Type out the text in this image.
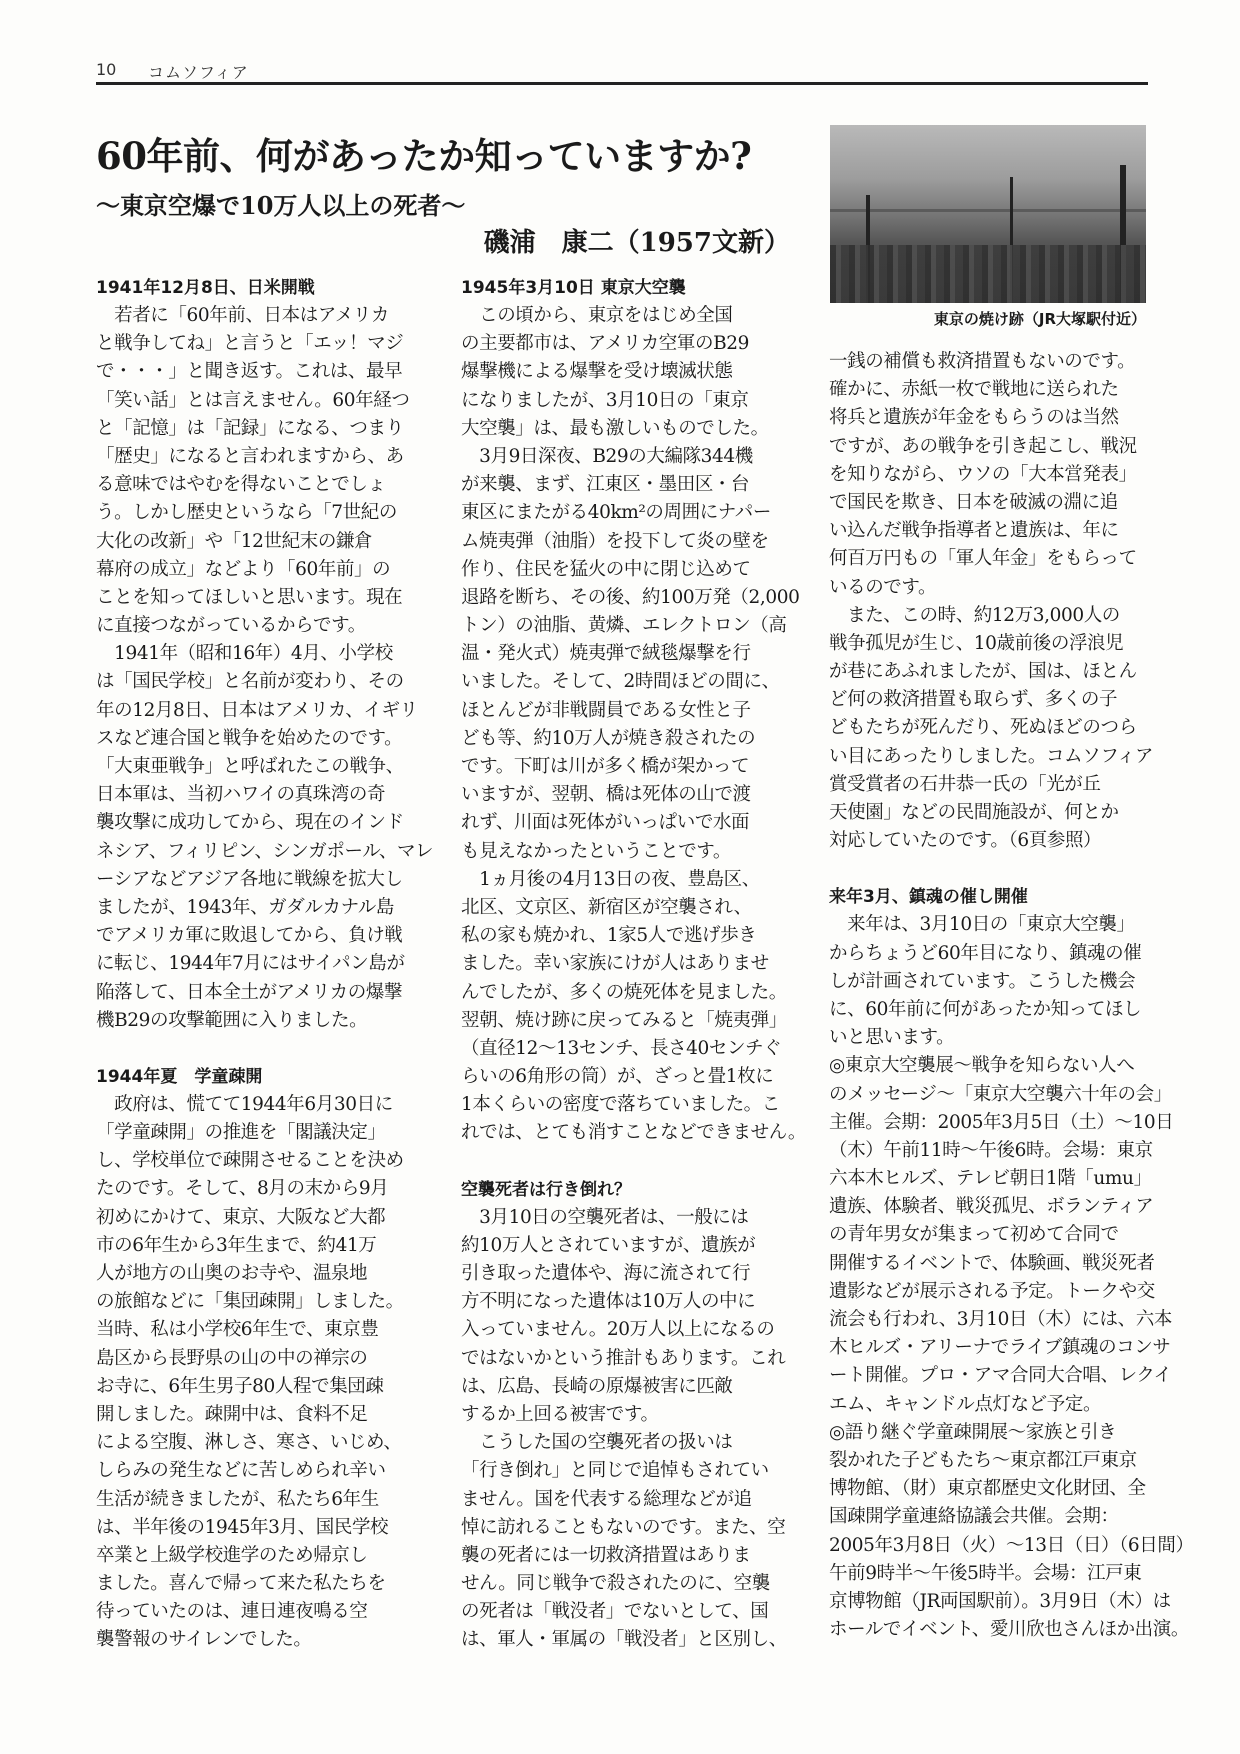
10 コムソフィア
60年前、何があったか知っていますか?
〜東京空爆で10万人以上の死者〜
磯浦　康二（1957文新）
東京の焼け跡（JR大塚駅付近）
1941年12月8日、日米開戦
　若者に「60年前、日本はアメリカ
と戦争してね」と言うと「エッ！マジ
で・・・」と聞き返す。これは、最早
「笑い話」とは言えません。60年経つ
と「記憶」は「記録」になる、つまり
「歴史」になると言われますから、あ
る意味ではやむを得ないことでしょ
う。しかし歴史というなら「7世紀の
大化の改新」や「12世紀末の鎌倉
幕府の成立」などより「60年前」の
ことを知ってほしいと思います。現在
に直接つながっているからです。
　1941年（昭和16年）4月、小学校
は「国民学校」と名前が変わり、その
年の12月8日、日本はアメリカ、イギリ
スなど連合国と戦争を始めたのです。
「大東亜戦争」と呼ばれたこの戦争、
日本軍は、当初ハワイの真珠湾の奇
襲攻撃に成功してから、現在のインド
ネシア、フィリピン、シンガポール、マレ
ーシアなどアジア各地に戦線を拡大し
ましたが、1943年、ガダルカナル島
でアメリカ軍に敗退してから、負け戦
に転じ、1944年7月にはサイパン島が
陥落して、日本全土がアメリカの爆撃
機B29の攻撃範囲に入りました。
1944年夏　学童疎開
　政府は、慌てて1944年6月30日に
「学童疎開」の推進を「閣議決定」
し、学校単位で疎開させることを決め
たのです。そして、8月の末から9月
初めにかけて、東京、大阪など大都
市の6年生から3年生まで、約41万
人が地方の山奥のお寺や、温泉地
の旅館などに「集団疎開」しました。
当時、私は小学校6年生で、東京豊
島区から長野県の山の中の禅宗の
お寺に、6年生男子80人程で集団疎
開しました。疎開中は、食料不足
による空腹、淋しさ、寒さ、いじめ、
しらみの発生などに苦しめられ辛い
生活が続きましたが、私たち6年生
は、半年後の1945年3月、国民学校
卒業と上級学校進学のため帰京し
ました。喜んで帰って来た私たちを
待っていたのは、連日連夜鳴る空
襲警報のサイレンでした。
1945年3月10日 東京大空襲
　この頃から、東京をはじめ全国
の主要都市は、アメリカ空軍のB29
爆撃機による爆撃を受け壊滅状態
になりましたが、3月10日の「東京
大空襲」は、最も激しいものでした。
　3月9日深夜、B29の大編隊344機
が来襲、まず、江東区・墨田区・台
東区にまたがる40km²の周囲にナパー
ム焼夷弾（油脂）を投下して炎の壁を
作り、住民を猛火の中に閉じ込めて
退路を断ち、その後、約100万発（2,000
トン）の油脂、黄燐、エレクトロン（高
温・発火式）焼夷弾で絨毯爆撃を行
いました。そして、2時間ほどの間に、
ほとんどが非戦闘員である女性と子
ども等、約10万人が焼き殺されたの
です。下町は川が多く橋が架かって
いますが、翌朝、橋は死体の山で渡
れず、川面は死体がいっぱいで水面
も見えなかったということです。
　1ヵ月後の4月13日の夜、豊島区、
北区、文京区、新宿区が空襲され、
私の家も焼かれ、1家5人で逃げ歩き
ました。幸い家族にけが人はありませ
んでしたが、多くの焼死体を見ました。
翌朝、焼け跡に戻ってみると「焼夷弾」
（直径12〜13センチ、長さ40センチぐ
らいの6角形の筒）が、ざっと畳1枚に
1本くらいの密度で落ちていました。こ
れでは、とても消すことなどできません。
空襲死者は行き倒れ？
　3月10日の空襲死者は、一般には
約10万人とされていますが、遺族が
引き取った遺体や、海に流されて行
方不明になった遺体は10万人の中に
入っていません。20万人以上になるの
ではないかという推計もあります。これ
は、広島、長崎の原爆被害に匹敵
するか上回る被害です。
　こうした国の空襲死者の扱いは
「行き倒れ」と同じで追悼もされてい
ません。国を代表する総理などが追
悼に訪れることもないのです。また、空
襲の死者には一切救済措置はありま
せん。同じ戦争で殺されたのに、空襲
の死者は「戦没者」でないとして、国
は、軍人・軍属の「戦没者」と区別し、
一銭の補償も救済措置もないのです。
確かに、赤紙一枚で戦地に送られた
将兵と遺族が年金をもらうのは当然
ですが、あの戦争を引き起こし、戦況
を知りながら、ウソの「大本営発表」
で国民を欺き、日本を破滅の淵に追
い込んだ戦争指導者と遺族は、年に
何百万円もの「軍人年金」をもらって
いるのです。
　また、この時、約12万3,000人の
戦争孤児が生じ、10歳前後の浮浪児
が巷にあふれましたが、国は、ほとん
ど何の救済措置も取らず、多くの子
どもたちが死んだり、死ぬほどのつら
い目にあったりしました。コムソフィア
賞受賞者の石井恭一氏の「光が丘
天使園」などの民間施設が、何とか
対応していたのです。（6頁参照）
来年3月、鎮魂の催し開催
　来年は、3月10日の「東京大空襲」
からちょうど60年目になり、鎮魂の催
しが計画されています。こうした機会
に、60年前に何があったか知ってほし
いと思います。
◎東京大空襲展〜戦争を知らない人へ
のメッセージ〜「東京大空襲六十年の会」
主催。会期：2005年3月5日（土）〜10日
（木）午前11時〜午後6時。会場：東京
六本木ヒルズ、テレビ朝日1階「umu」
遺族、体験者、戦災孤児、ボランティア
の青年男女が集まって初めて合同で
開催するイベントで、体験画、戦災死者
遺影などが展示される予定。トークや交
流会も行われ、3月10日（木）には、六本
木ヒルズ・アリーナでライブ鎮魂のコンサ
ート開催。プロ・アマ合同大合唱、レクイ
エム、キャンドル点灯など予定。
◎語り継ぐ学童疎開展〜家族と引き
裂かれた子どもたち〜東京都江戸東京
博物館、（財）東京都歴史文化財団、全
国疎開学童連絡協議会共催。会期：
2005年3月8日（火）〜13日（日）（6日間）
午前9時半〜午後5時半。会場：江戸東
京博物館（JR両国駅前）。3月9日（木）は
ホールでイベント、愛川欣也さんほか出演。
